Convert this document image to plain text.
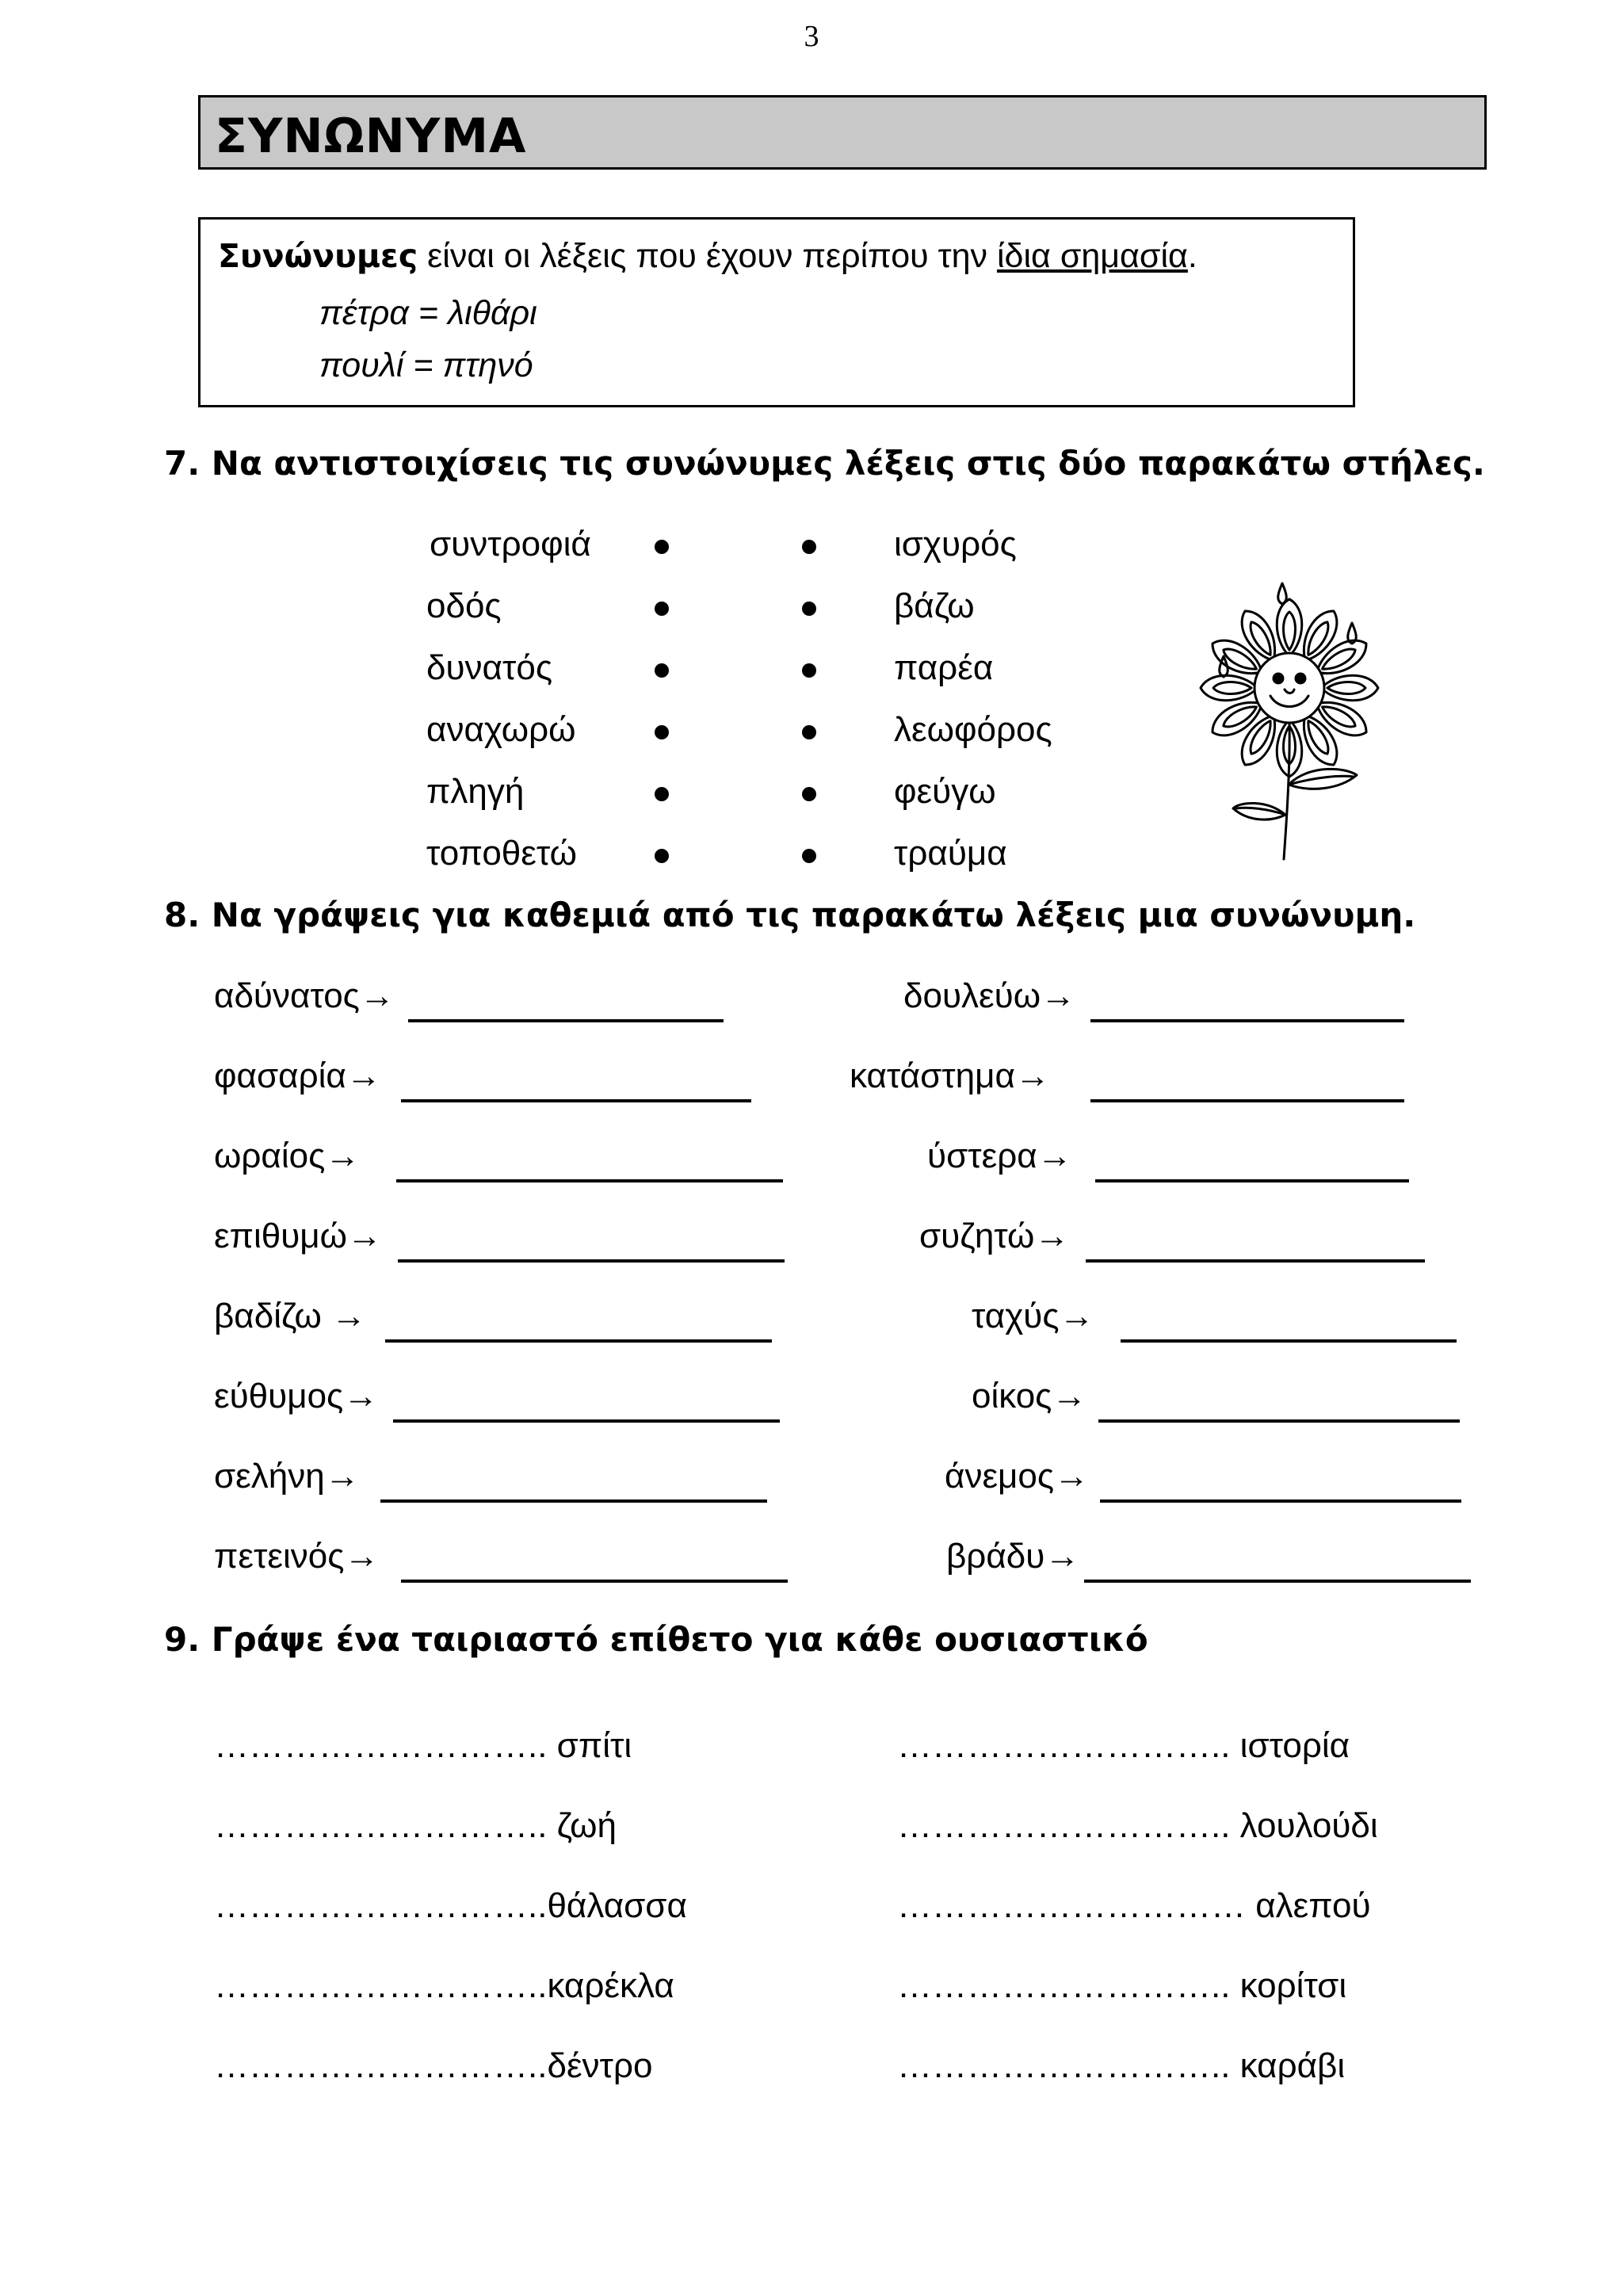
3
ΣΥΝΩΝΥΜΑ
Συνώνυμες είναι οι λέξεις που έχουν περίπου την ίδια σημασία.
πέτρα = λιθάρι
πουλί = πτηνό
7. Να αντιστοιχίσεις τις συνώνυμες λέξεις στις δύο παρακάτω στήλες.
συντροφιά
οδός
δυνατός
αναχωρώ
πληγή
τοποθετώ
ισχυρός
βάζω
παρέα
λεωφόρος
φεύγω
τραύμα
8. Να γράψεις για καθεμιά από τις παρακάτω λέξεις μια συνώνυμη.
αδύνατος→
φασαρία→
ωραίος→
επιθυμώ→
βαδίζω →
εύθυμος→
σελήνη→
πετεινός→
δουλεύω→
κατάστημα→
ύστερα→
συζητώ→
ταχύς→
οίκος→
άνεμος→
βράδυ→
9. Γράψε ένα ταιριαστό επίθετο για κάθε ουσιαστικό
……………………….. σπίτι
……………………….. ζωή
………………………..θάλασσα
………………………..καρέκλα
………………………..δέντρο
……………………….. ιστορία
……………………….. λουλούδι
………………………… αλεπού
……………………….. κορίτσι
……………………….. καράβι
